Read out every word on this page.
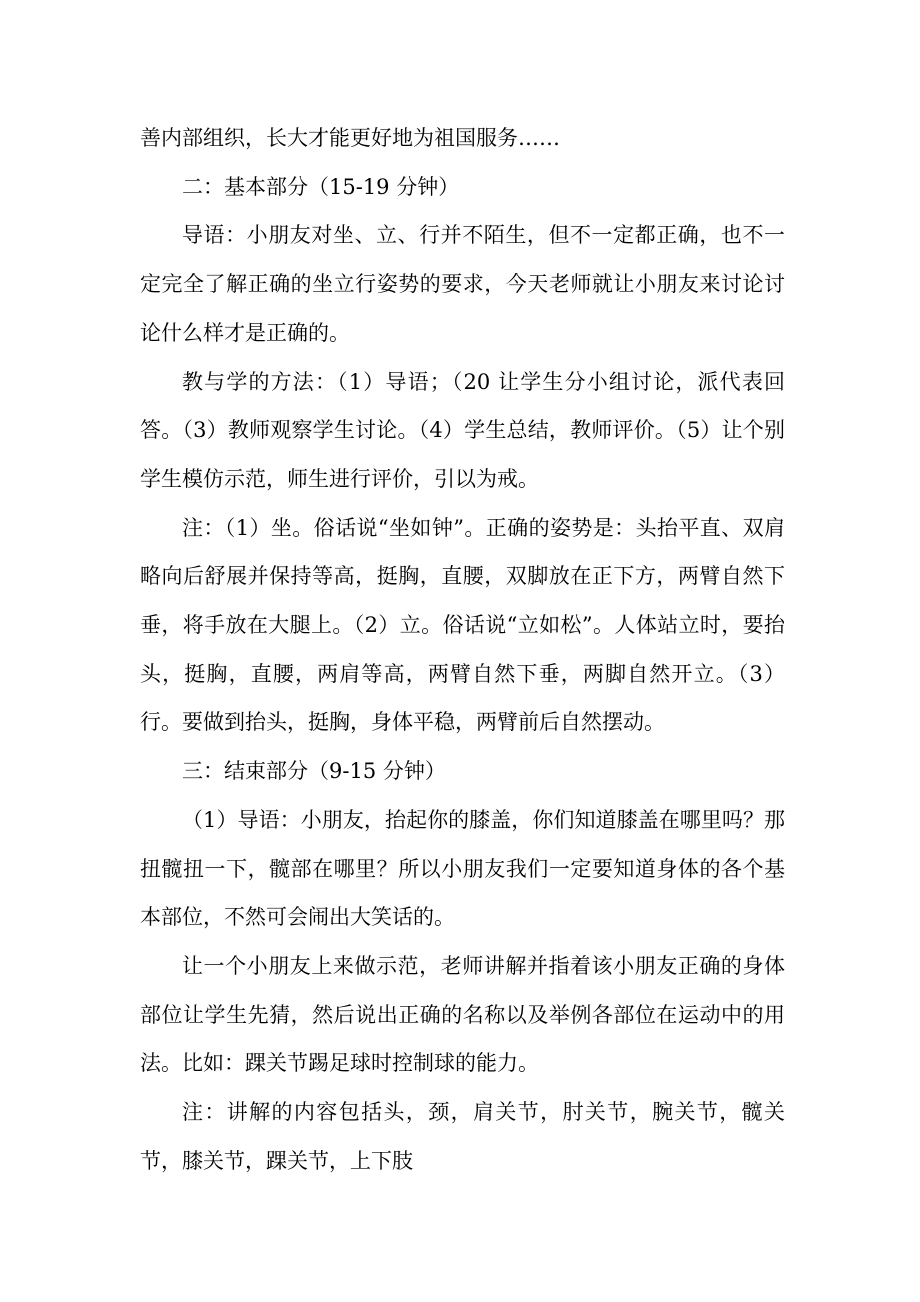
善内部组织，长大才能更好地为祖国服务……

二：基本部分（15-19 分钟）

导语：小朋友对坐、立、行并不陌生，但不一定都正确，也不一定完全了解正确的坐立行姿势的要求，今天老师就让小朋友来讨论讨论什么样才是正确的。

教与学的方法：（1）导语；（20 让学生分小组讨论，派代表回答。（3）教师观察学生讨论。（4）学生总结，教师评价。（5）让个别学生模仿示范，师生进行评价，引以为戒。

注：（1）坐。俗话说“坐如钟”。正确的姿势是：头抬平直、双肩略向后舒展并保持等高，挺胸，直腰，双脚放在正下方，两臂自然下垂，将手放在大腿上。（2）立。俗话说“立如松”。人体站立时，要抬头，挺胸，直腰，两肩等高，两臂自然下垂，两脚自然开立。（3）行。要做到抬头，挺胸，身体平稳，两臂前后自然摆动。

三：结束部分（9-15 分钟）

（1）导语：小朋友，抬起你的膝盖，你们知道膝盖在哪里吗？那扭髋扭一下，髋部在哪里？所以小朋友我们一定要知道身体的各个基本部位，不然可会闹出大笑话的。

让一个小朋友上来做示范，老师讲解并指着该小朋友正确的身体部位让学生先猜，然后说出正确的名称以及举例各部位在运动中的用法。比如：踝关节踢足球时控制球的能力。

注：讲解的内容包括头，颈，肩关节，肘关节，腕关节，髋关节，膝关节，踝关节，上下肢
